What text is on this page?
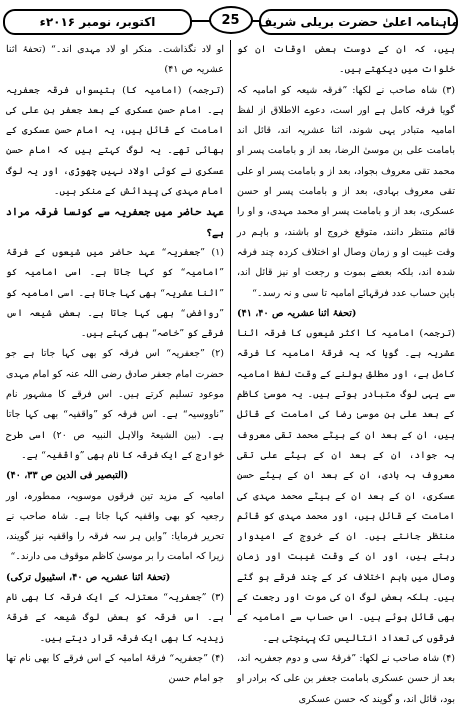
ماہنامہ اعلیٰ حضرت بریلی شریف
25
اکتوبر، نومبر ۲۰۱۶ء

ہیں، کہ ان کے دوست بعض اوقات ان کو خلوات میں دیکھتے ہیں۔

(۳) شاہ صاحب نے لکھا: ”فرقہ شیعہ کو امامیہ کہ گویا فرقہ کامل ہے اور است، دعوے الاطلاق از لفظ امامیہ متبادر یہی شوند، اثنا عشریہ اند، قائل اند بامامت علی بن موسیٰ الرضا، بعد از و بامامت پسر او محمد تقی معروف بجواد، بعد از و بامامت پسر او علی تقی معروف بہادی، بعد از و بامامت پسر او حسن عسکری، بعد از و بامامت پسر او محمد مہدی، و او را قائم منتظر دانند، متوقع خروج او باشند، و باہم در وقت غیبت او و زمان وصال او اختلاف کردہ چند فرقہ شدہ اند، بلکہ بعضے بموت و رجعت او نیز قائل اند، باین حساب عدد فرقہائے امامیہ تا سی و نہ رسد۔“

(تحفۂ اثنا عشریہ ص ۴۰، ۴۱)

(ترجمہ) امامیہ کا اکثر شیعوں کا فرقہ اثنا عشریہ ہے۔ گویا کہ یہ فرقۂ امامیہ کا فرقہ کامل ہے، اور مطلق بولنے کے وقت لفظ امامیہ سے یہی لوگ متبادر ہوتے ہیں۔ یہ موسیٰ کاظم کے بعد علی بن موسیٰ رضا کی امامت کے قائل ہیں، ان کے بعد ان کے بیٹے محمد تقی معروف بہ جواد، ان کے بعد ان کے بیٹے علی تقی معروف بہ ہادی، ان کے بعد ان کے بیٹے حسن عسکری، ان کے بعد ان کے بیٹے محمد مہدی کی امامت کے قائل ہیں، اور محمد مہدی کو قائم منتظر جانتے ہیں۔ ان کے خروج کے امیدوار رہتے ہیں، اور ان کے وقت غیبت اور زمانِ وصال میں باہم اختلاف کر کے چند فرقے ہو گئے ہیں۔ بلکہ بعض لوگ ان کی موت اور رجعت کے بھی قائل ہوئے ہیں۔ اس حساب سے امامیہ کے فرقوں کی تعداد انتالیس تک پہنچتی ہے۔

(۴) شاہ صاحب نے لکھا: ”فرقۂ سی و دوم جعفریہ اند، بعد از حسن عسکری بامامت جعفر بن علی کہ برادر او بود، قائل اند، و گویند کہ حسن عسکری

او لاد نگذاشت۔ منکر او لاد مہدی اند۔“ (تحفۂ اثنا عشریہ ص ۴۱)

(ترجمہ) (امامیہ کا) بتیسواں فرقہ جعفریہ ہے۔ امام حسن عسکری کے بعد جعفر بن علی کی امامت کے قائل ہیں، یہ امام حسن عسکری کے بھائی تھے۔ یہ لوگ کہتے ہیں کہ امام حسن عسکری نے کوئی اولاد نہیں چھوڑی، اور یہ لوگ امام مہدی کی پیدائش کے منکر ہیں۔

عہد حاضر میں جعفریہ سے کونسا فرقہ مراد ہے؟

(۱) ”جعفریہ“ عہد حاضر میں شیعوں کے فرقۂ ”امامیہ“ کو کہا جاتا ہے۔ اسی امامیہ کو ”اثنا عشریہ“ بھی کہا جاتا ہے۔ اسی امامیہ کو ”روافض“ بھی کہا جاتا ہے۔ بعض شیعہ اس فرقے کو ”خاصہ“ بھی کہتے ہیں۔

(۲) ”جعفریہ“ اس فرقہ کو بھی کہا جاتا ہے جو حضرت امام جعفر صادق رضی اللہ عنہ کو امام مہدی موعود تسلیم کرتے ہیں۔ اس فرقے کا مشہور نام ”ناووسیہ“ ہے۔ اس فرقہ کو ”واقفیہ“ بھی کہا جاتا ہے۔ (بین الشیعۃ والاہل النبیہ ص ۲۰) اسی طرح خوارج کے ایک فرقہ کا نام بھی ”واقفیہ“ ہے۔

(التبصیر فی الدین ص ۳۳، ۴۰)

امامیہ کے مزید تین فرقوں موسویہ، ممطورہ، اور رجعیہ کو بھی واقفیہ کہا جاتا ہے۔ شاہ صاحب نے تحریر فرمایا: ”وایں ہر سہ فرقہ را واقفیہ نیز گویند، زیرا کہ امامت را بر موسیٰ کاظم موقوف می دارند۔“

(تحفۂ اثنا عشریہ ص ۴۰، اسٹیبول ترکی)

(۳) ”جعفریہ“ معتزلہ کے ایک فرقہ کا بھی نام ہے۔ اس فرقہ کو بعض لوگ شیعہ کے فرقۂ زیدیہ کا بھی ایک فرقہ قرار دیتے ہیں۔

(۴) ”جعفریہ“ فرقۂ امامیہ کے اس فرقے کا بھی نام تھا جو امام حسن
